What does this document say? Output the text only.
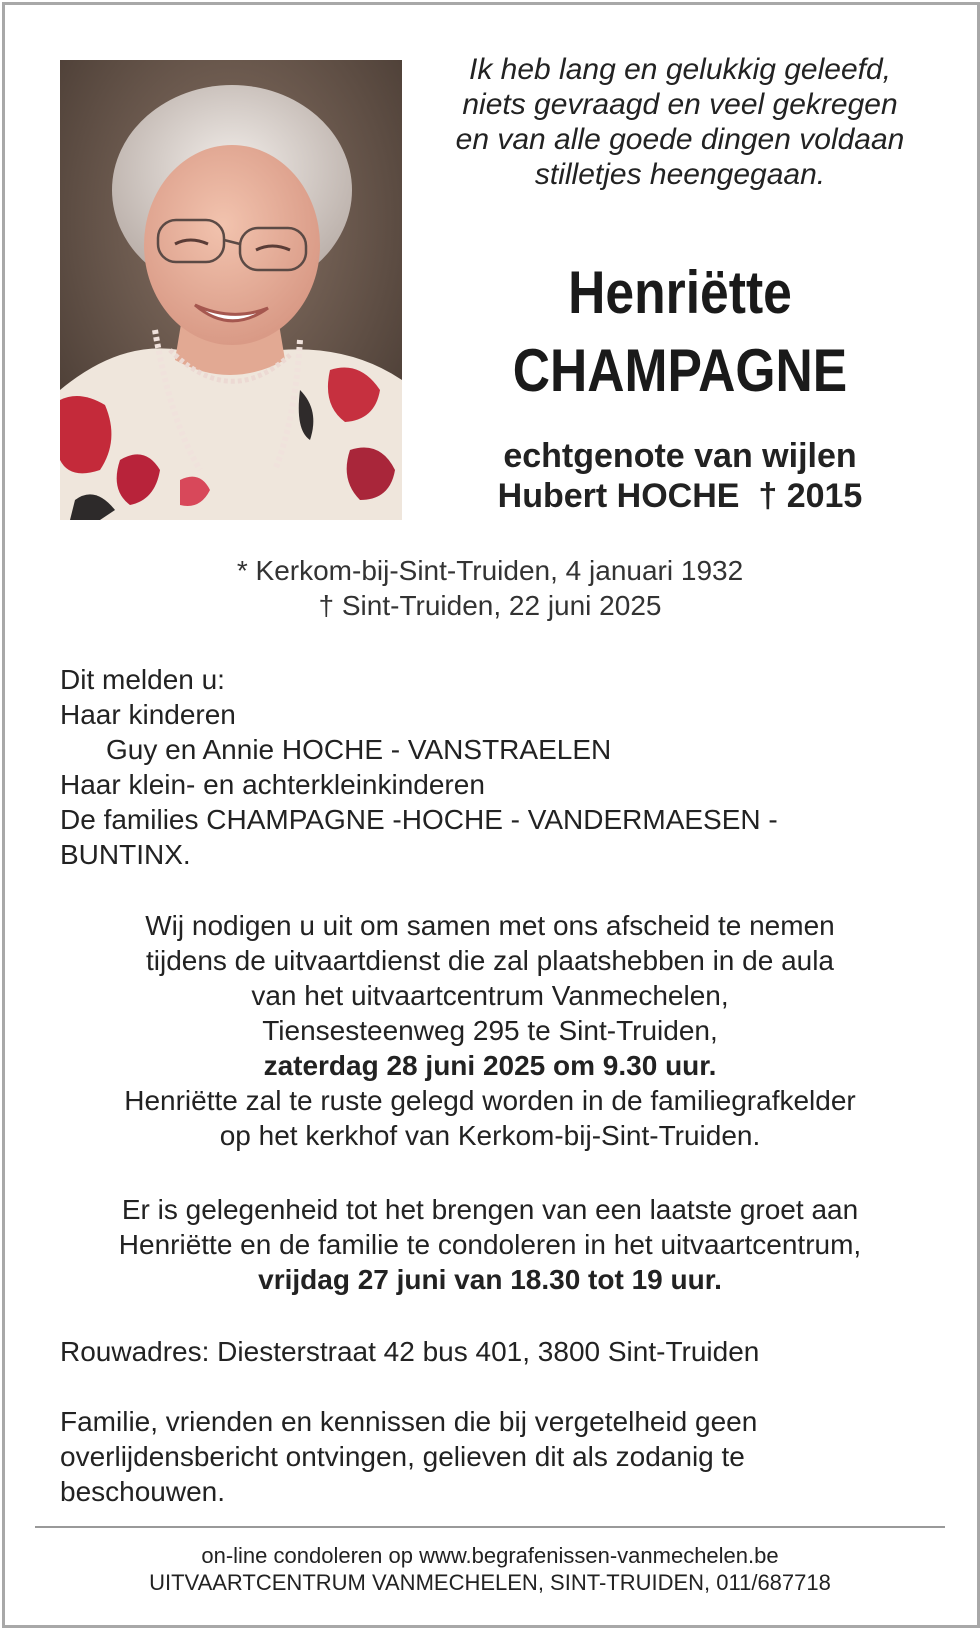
Ik heb lang en gelukkig geleefd,
niets gevraagd en veel gekregen
en van alle goede dingen voldaan
stilletjes heengegaan.
Henriëtte
CHAMPAGNE
echtgenote van wijlen
Hubert HOCHE  † 2015
* Kerkom-bij-Sint-Truiden, 4 januari 1932
† Sint-Truiden, 22 juni 2025
Dit melden u:
Haar kinderen
Guy en Annie HOCHE - VANSTRAELEN
Haar klein- en achterkleinkinderen
De families CHAMPAGNE -HOCHE - VANDERMAESEN -
BUNTINX.
Wij nodigen u uit om samen met ons afscheid te nemen
tijdens de uitvaartdienst die zal plaatshebben in de aula
van het uitvaartcentrum Vanmechelen,
Tiensesteenweg 295 te Sint-Truiden,
zaterdag 28 juni 2025 om 9.30 uur.
Henriëtte zal te ruste gelegd worden in de familiegrafkelder
op het kerkhof van Kerkom-bij-Sint-Truiden.
Er is gelegenheid tot het brengen van een laatste groet aan
Henriëtte en de familie te condoleren in het uitvaartcentrum,
vrijdag 27 juni van 18.30 tot 19 uur.
Rouwadres: Diesterstraat 42 bus 401, 3800 Sint-Truiden
Familie, vrienden en kennissen die bij vergetelheid geen
overlijdensbericht ontvingen, gelieven dit als zodanig te
beschouwen.
on-line condoleren op www.begrafenissen-vanmechelen.be
UITVAARTCENTRUM VANMECHELEN, SINT-TRUIDEN, 011/687718
